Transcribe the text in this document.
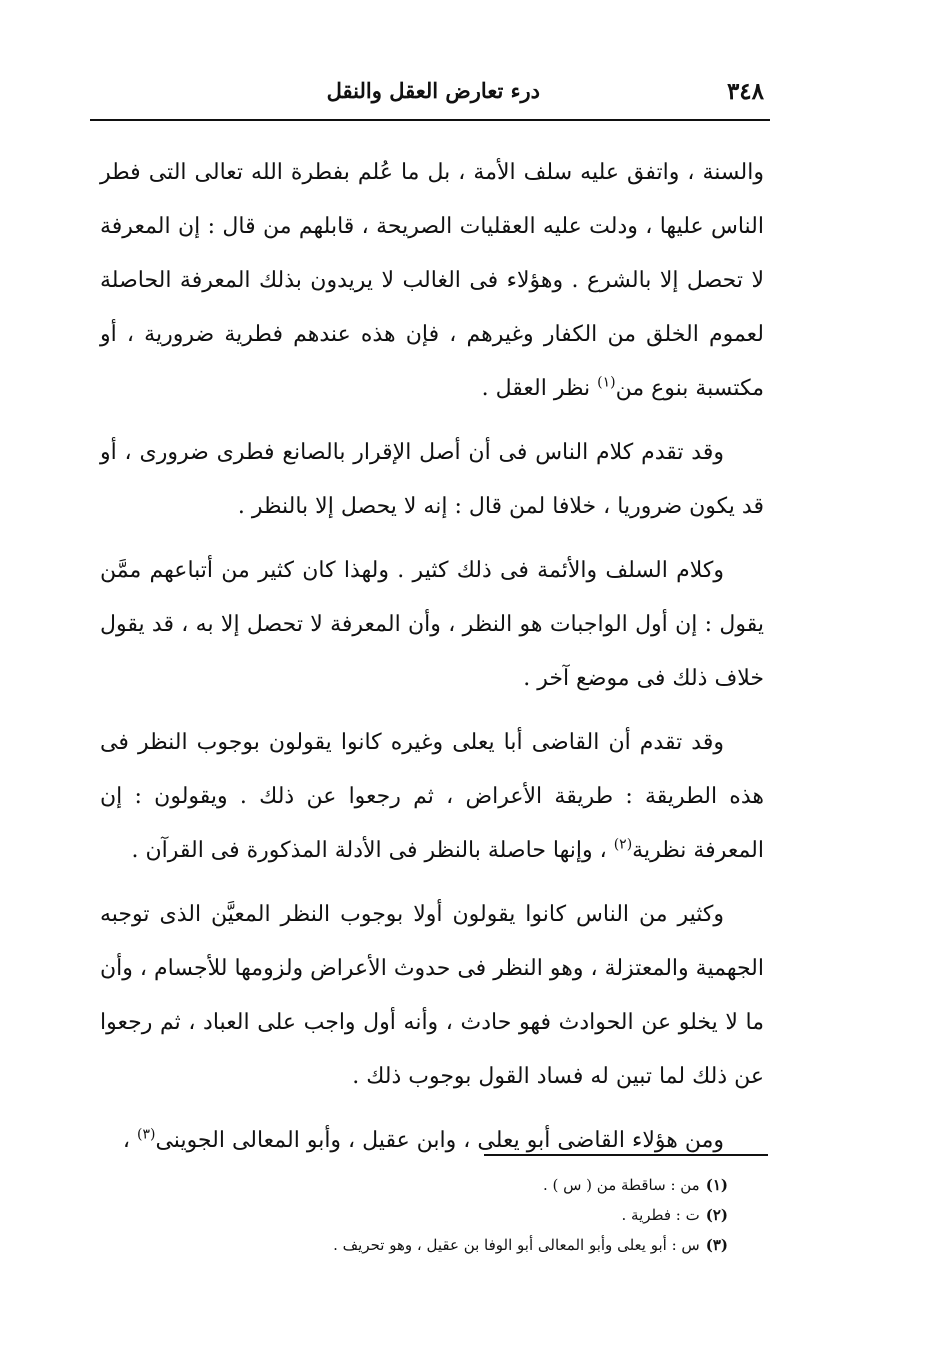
٣٤٨
درء تعارض العقل والنقل

والسنة ، واتفق عليه سلف الأمة ، بل ما عُلم بفطرة الله تعالى التى فطر الناس عليها ، ودلت عليه العقليات الصريحة ، قابلهم من قال : إن المعرفة لا تحصل إلا بالشرع . وهؤلاء فى الغالب لا يريدون بذلك المعرفة الحاصلة لعموم الخلق من الكفار وغيرهم ، فإن هذه عندهم فطرية ضرورية ، أو مكتسبة بنوع من$^{(١)}$ نظر العقل .

وقد تقدم كلام الناس فى أن أصل الإقرار بالصانع فطرى ضرورى ، أو قد يكون ضروريا ، خلافا لمن قال : إنه لا يحصل إلا بالنظر .

وكلام السلف والأئمة فى ذلك كثير . ولهذا كان كثير من أتباعهم ممَّن يقول : إن أول الواجبات هو النظر ، وأن المعرفة لا تحصل إلا به ، قد يقول خلاف ذلك فى موضع آخر .

وقد تقدم أن القاضى أبا يعلى وغيره كانوا يقولون بوجوب النظر فى هذه الطريقة : طريقة الأعراض ، ثم رجعوا عن ذلك . ويقولون : إن المعرفة نظرية$^{(٢)}$ ، وإنها حاصلة بالنظر فى الأدلة المذكورة فى القرآن .

وكثير من الناس كانوا يقولون أولا بوجوب النظر المعيَّن الذى توجبه الجهمية والمعتزلة ، وهو النظر فى حدوث الأعراض ولزومها للأجسام ، وأن ما لا يخلو عن الحوادث فهو حادث ، وأنه أول واجب على العباد ، ثم رجعوا عن ذلك لما تبين له فساد القول بوجوب ذلك .

ومن هؤلاء القاضى أبو يعلى ، وابن عقيل ، وأبو المعالى الجوينى$^{(٣)}$ ،

(١)من : ساقطة من ( س ) .

(٢)ت : فطرية .

(٣)س : أبو يعلى وأبو المعالى أبو الوفا بن عقيل ، وهو تحريف .
